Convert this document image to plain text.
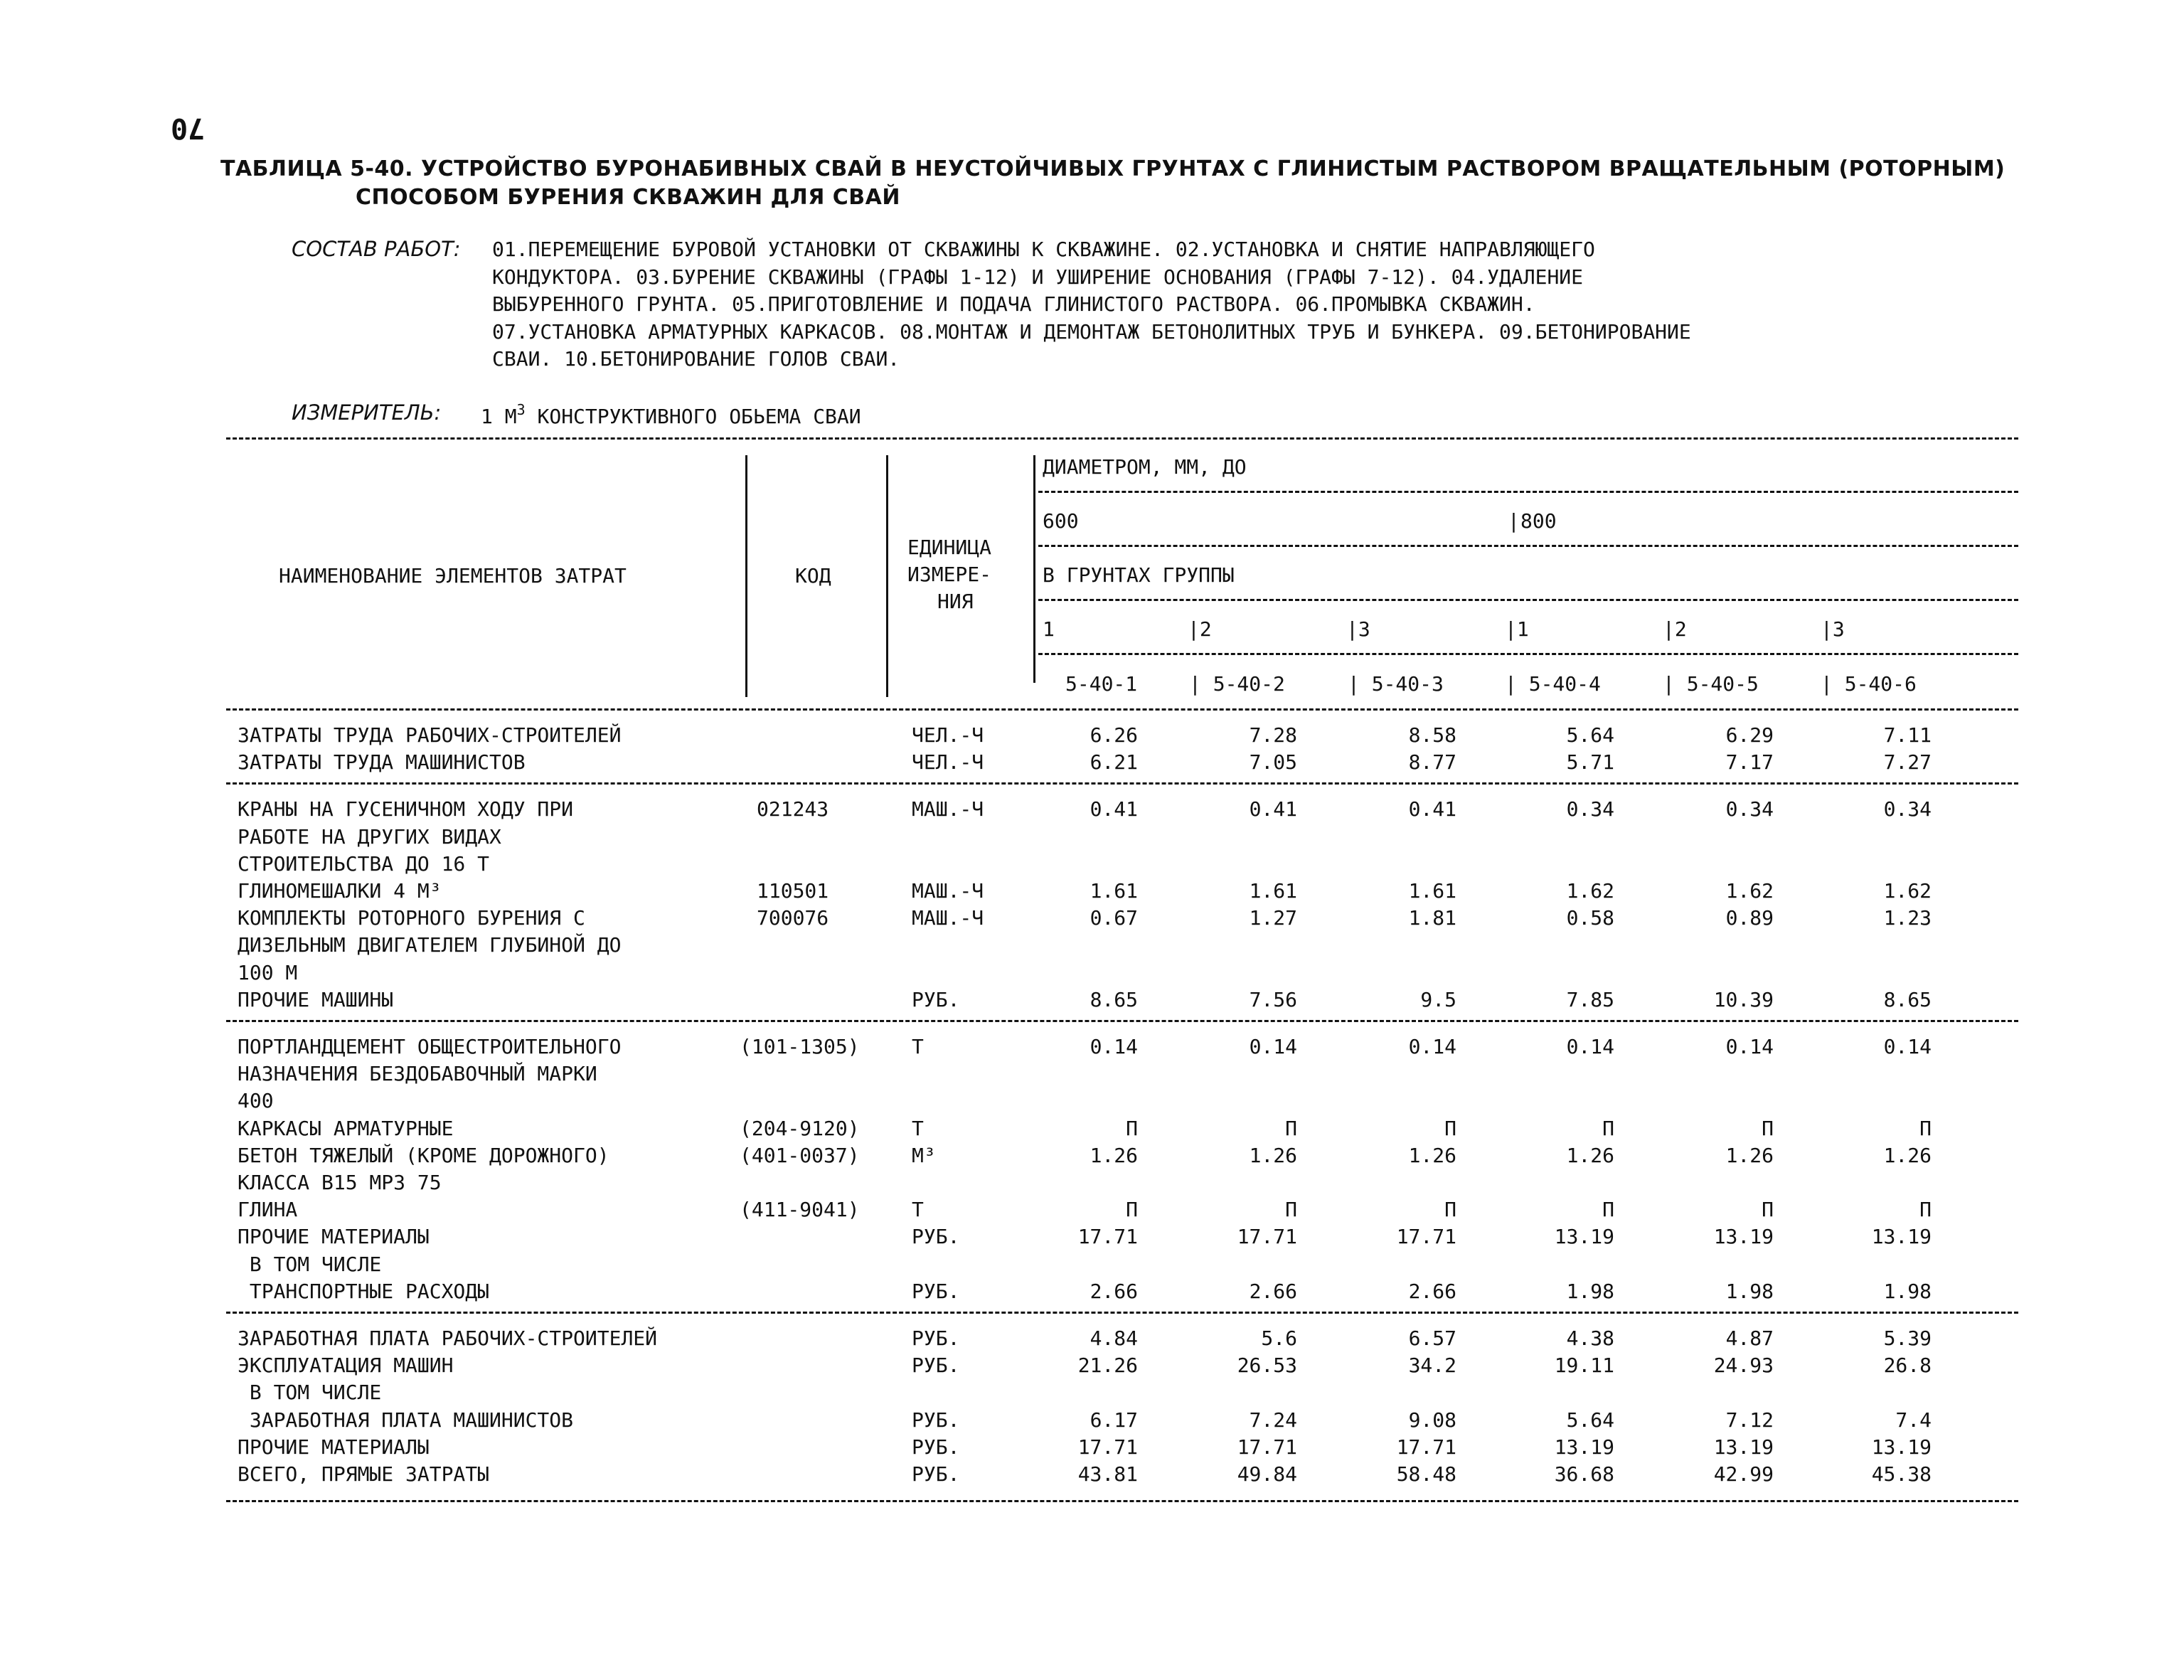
70
ТАБЛИЦА 5-40. УСТРОЙСТВО БУРОНАБИВНЫХ СВАЙ В НЕУСТОЙЧИВЫХ ГРУНТАХ С ГЛИНИСТЫМ РАСТВОРОМ ВРАЩАТЕЛЬНЫМ (РОТОРНЫМ)
СПОСОБОМ БУРЕНИЯ СКВАЖИН ДЛЯ СВАЙ
СОСТАВ РАБОТ: 01.ПЕРЕМЕЩЕНИЕ БУРОВОЙ УСТАНОВКИ ОТ СКВАЖИНЫ К СКВАЖИНЕ. 02.УСТАНОВКА И СНЯТИЕ НАПРАВЛЯЮЩЕГО
КОНДУКТОРА. 03.БУРЕНИЕ СКВАЖИНЫ (ГРАФЫ 1-12) И УШИРЕНИЕ ОСНОВАНИЯ (ГРАФЫ 7-12). 04.УДАЛЕНИЕ
ВЫБУРЕННОГО ГРУНТА. 05.ПРИГОТОВЛЕНИЕ И ПОДАЧА ГЛИНИСТОГО РАСТВОРА. 06.ПРОМЫВКА СКВАЖИН.
07.УСТАНОВКА АРМАТУРНЫХ КАРКАСОВ. 08.МОНТАЖ И ДЕМОНТАЖ БЕТОНОЛИТНЫХ ТРУБ И БУНКЕРА. 09.БЕТОНИРОВАНИЕ
СВАИ. 10.БЕТОНИРОВАНИЕ ГОЛОВ СВАИ.
ИЗМЕРИТЕЛЬ: 1 $М^3$ КОНСТРУКТИВНОГО ОБЬЕМА СВАИ
НАИМЕНОВАНИЕ ЭЛЕМЕНТОВ ЗАТРАТ	КОД
ЕДИНИЦА
ИЗМЕРЕ-
НИЯ
ДИАМЕТРОМ, ММ, ДО
600	| 800
В ГРУНТАХ ГРУППЫ
1	|2	|3	|1	|2	|3
5-40-1	| 5-40-2	| 5-40-3	| 5-40-4	| 5-40-5	| 5-40-6
ЗАТРАТЫ ТРУДА РАБОЧИХ-СТРОИТЕЛЕЙ	ЧЕЛ.-Ч	6.26	7.28	8.58	5.64	6.29	7.11
ЗАТРАТЫ ТРУДА МАШИНИСТОВ	ЧЕЛ.-Ч	6.21	7.05	8.77	5.71	7.17	7.27
КРАНЫ НА ГУСЕНИЧНОМ ХОДУ ПРИ
РАБОТЕ НА ДРУГИХ ВИДАХ
СТРОИТЕЛЬСТВА ДО 16 Т
021243	МАШ.-Ч	0.41	0.41	0.41	0.34	0.34	0.34
ГЛИНОМЕШАЛКИ 4 М³	110501	МАШ.-Ч	1.61	1.61	1.61	1.62	1.62	1.62
КОМПЛЕКТЫ РОТОРНОГО БУРЕНИЯ С
ДИЗЕЛЬНЫМ ДВИГАТЕЛЕМ ГЛУБИНОЙ ДО
100 М
700076	МАШ.-Ч	0.67	1.27	1.81	0.58	0.89	1.23
ПРОЧИЕ МАШИНЫ	РУБ.	8.65	7.56	9.5	7.85	10.39	8.65
ПОРТЛАНДЦЕМЕНТ ОБЩЕСТРОИТЕЛЬНОГО
НАЗНАЧЕНИЯ БЕЗДОБАВОЧНЫЙ МАРКИ
400
(101-1305)	Т	0.14	0.14	0.14	0.14	0.14	0.14
КАРКАСЫ АРМАТУРНЫЕ	(204-9120)	Т	П	П	П	П	П	П
БЕТОН ТЯЖЕЛЫЙ (КРОМЕ ДОРОЖНОГО)
КЛАССА В15 МРЗ 75
(401-0037)	М³	1.26	1.26	1.26	1.26	1.26	1.26
ГЛИНА	(411-9041)	Т	П	П	П	П	П	П
ПРОЧИЕ МАТЕРИАЛЫ	РУБ.	17.71	17.71	17.71	13.19	13.19	13.19
В ТОМ ЧИСЛЕ
ТРАНСПОРТНЫЕ РАСХОДЫ	РУБ.	2.66	2.66	2.66	1.98	1.98	1.98
ЗАРАБОТНАЯ ПЛАТА РАБОЧИХ-СТРОИТЕЛЕЙ	РУБ.	4.84	5.6	6.57	4.38	4.87	5.39
ЭКСПЛУАТАЦИЯ МАШИН	РУБ.	21.26	26.53	34.2	19.11	24.93	26.8
В ТОМ ЧИСЛЕ
ЗАРАБОТНАЯ ПЛАТА МАШИНИСТОВ	РУБ.	6.17	7.24	9.08	5.64	7.12	7.4
ПРОЧИЕ МАТЕРИАЛЫ	РУБ.	17.71	17.71	17.71	13.19	13.19	13.19
ВСЕГО, ПРЯМЫЕ ЗАТРАТЫ	РУБ.	43.81	49.84	58.48	36.68	42.99	45.38
